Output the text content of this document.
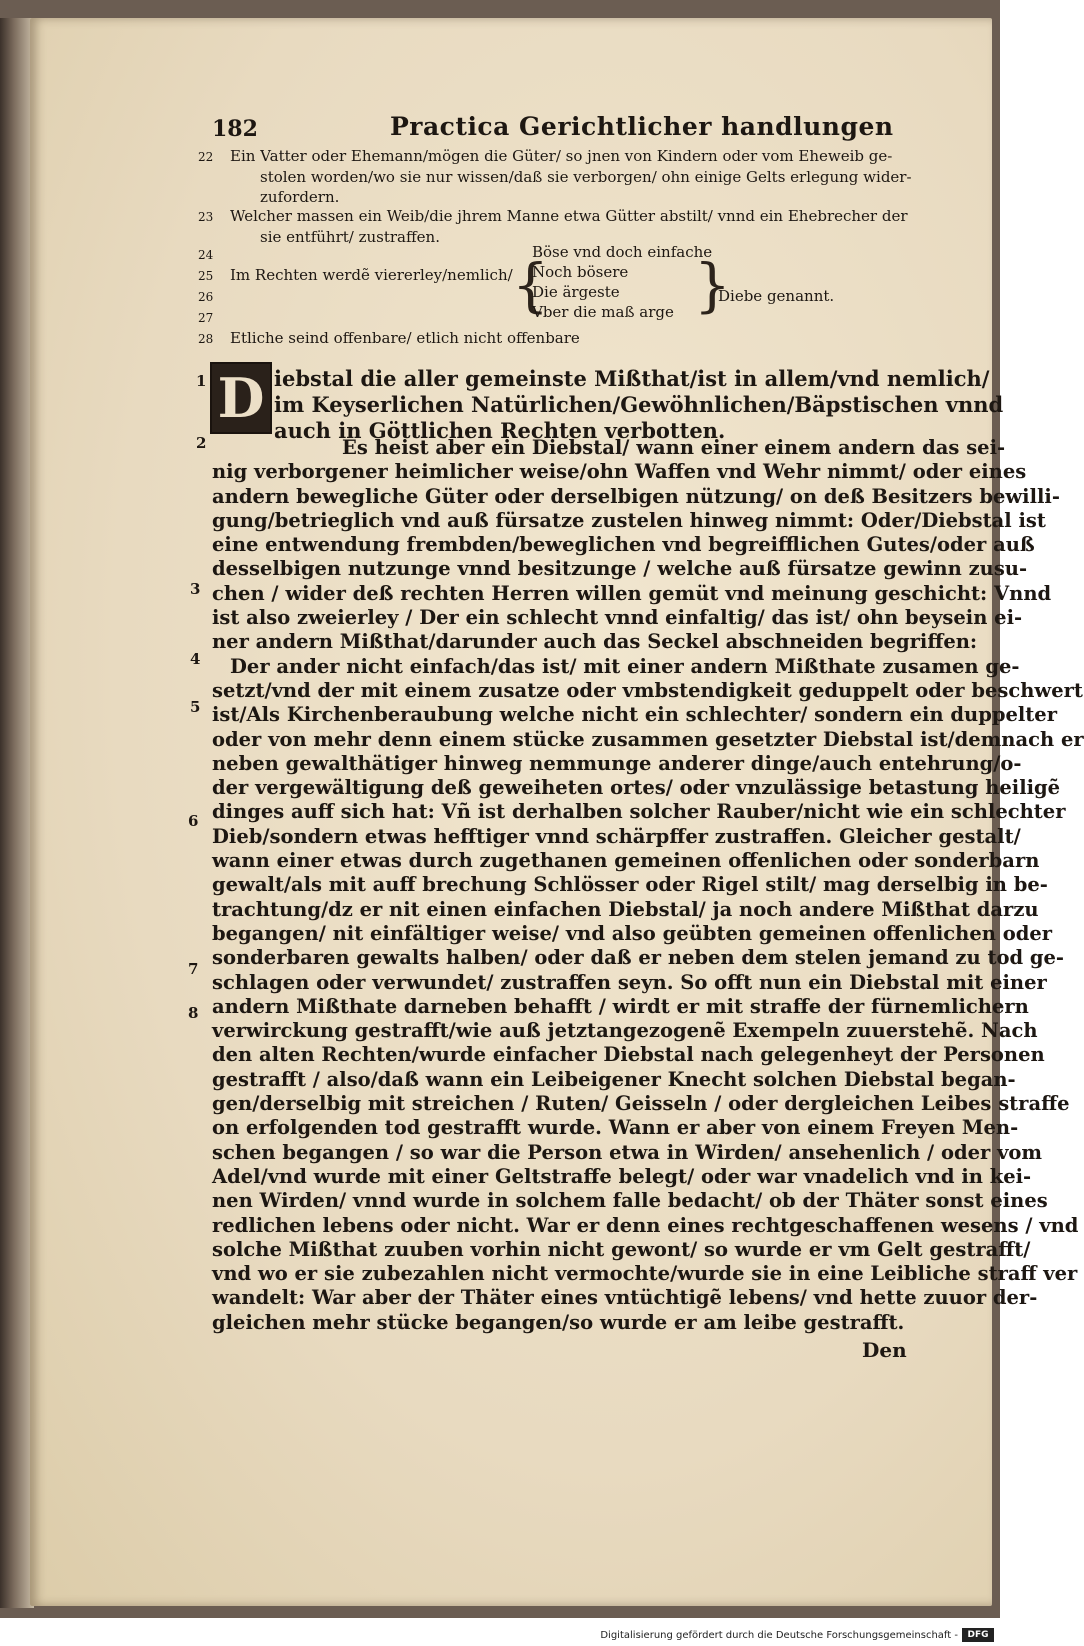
182	Practica Gerichtlicher handlungen
22 Ein Vatter oder Ehemann/mögen die Güter/ so jnen von Kindern oder vom Eheweib ge-
stolen worden/wo sie nur wissen/daß sie verborgen/ ohn einige Gelts erlegung wider-
zufordern.
23 Welcher massen ein Weib/die jhrem Manne etwa Gütter abstilt/ vnnd ein Ehebrecher der
sie entführt/ zustraffen.
24
25 Im Rechten werdẽ viererley/nemlich/
26
27
28 Etliche seind offenbare/ etlich nicht offenbare
{
Böse vnd doch einfache
Noch bösere
Die ärgeste
Vber die maß arge }
Diebe genannt.
D iebstal die aller gemeinste Mißthat/ist in allem/vnd nemlich/
im Keyserlichen Natürlichen/Gewöhnlichen/Bäpstischen vnnd
auch in Göttlichen Rechten verbotten.
1
2
3
4
5
6
7
8
Es heist aber ein Diebstal/ wann einer einem andern das sei-
nig verborgener heimlicher weise/ohn Waffen vnd Wehr nimmt/ oder eines
andern bewegliche Güter oder derselbigen nützung/ on deß Besitzers bewilli-
gung/betrieglich vnd auß fürsatze zustelen hinweg nimmt: Oder/Diebstal ist
eine entwendung frembden/beweglichen vnd begreifflichen Gutes/oder auß
desselbigen nutzunge vnnd besitzunge / welche auß fürsatze gewinn zusu-
chen / wider deß rechten Herren willen gemüt vnd meinung geschicht: Vnnd
ist also zweierley / Der ein schlecht vnnd einfaltig/ das ist/ ohn beysein ei-
ner andern Mißthat/darunder auch das Seckel abschneiden begriffen:
Der ander nicht einfach/das ist/ mit einer andern Mißthate zusamen ge-
setzt/vnd der mit einem zusatze oder vmbstendigkeit geduppelt oder beschwert
ist/Als Kirchenberaubung welche nicht ein schlechter/ sondern ein duppelter
oder von mehr denn einem stücke zusammen gesetzter Diebstal ist/demnach er
neben gewalthätiger hinweg nemmunge anderer dinge/auch entehrung/o-
der vergewältigung deß geweiheten ortes/ oder vnzulässige betastung heiligẽ
dinges auff sich hat: Vñ ist derhalben solcher Rauber/nicht wie ein schlechter
Dieb/sondern etwas hefftiger vnnd schärpffer zustraffen. Gleicher gestalt/
wann einer etwas durch zugethanen gemeinen offenlichen oder sonderbarn
gewalt/als mit auff brechung Schlösser oder Rigel stilt/ mag derselbig in be-
trachtung/dz er nit einen einfachen Diebstal/ ja noch andere Mißthat darzu
begangen/ nit einfältiger weise/ vnd also geübten gemeinen offenlichen oder
sonderbaren gewalts halben/ oder daß er neben dem stelen jemand zu tod ge-
schlagen oder verwundet/ zustraffen seyn. So offt nun ein Diebstal mit einer
andern Mißthate darneben behafft / wirdt er mit straffe der fürnemlichern
verwirckung gestrafft/wie auß jetztangezogenẽ Exempeln zuuerstehẽ. Nach
den alten Rechten/wurde einfacher Diebstal nach gelegenheyt der Personen
gestrafft / also/daß wann ein Leibeigener Knecht solchen Diebstal began-
gen/derselbig mit streichen / Ruten/ Geisseln / oder dergleichen Leibes straffe
on erfolgenden tod gestrafft wurde. Wann er aber von einem Freyen Men-
schen begangen / so war die Person etwa in Wirden/ ansehenlich / oder vom
Adel/vnd wurde mit einer Geltstraffe belegt/ oder war vnadelich vnd in kei-
nen Wirden/ vnnd wurde in solchem falle bedacht/ ob der Thäter sonst eines
redlichen lebens oder nicht. War er denn eines rechtgeschaffenen wesens / vnd
solche Mißthat zuuben vorhin nicht gewont/ so wurde er vm Gelt gestrafft/
vnd wo er sie zubezahlen nicht vermochte/wurde sie in eine Leibliche straff ver
wandelt: War aber der Thäter eines vntüchtigẽ lebens/ vnd hette zuuor der-
gleichen mehr stücke begangen/so wurde er am leibe gestrafft.
Den
Digitalisierung gefördert durch die Deutsche Forschungsgemeinschaft -	DFG
